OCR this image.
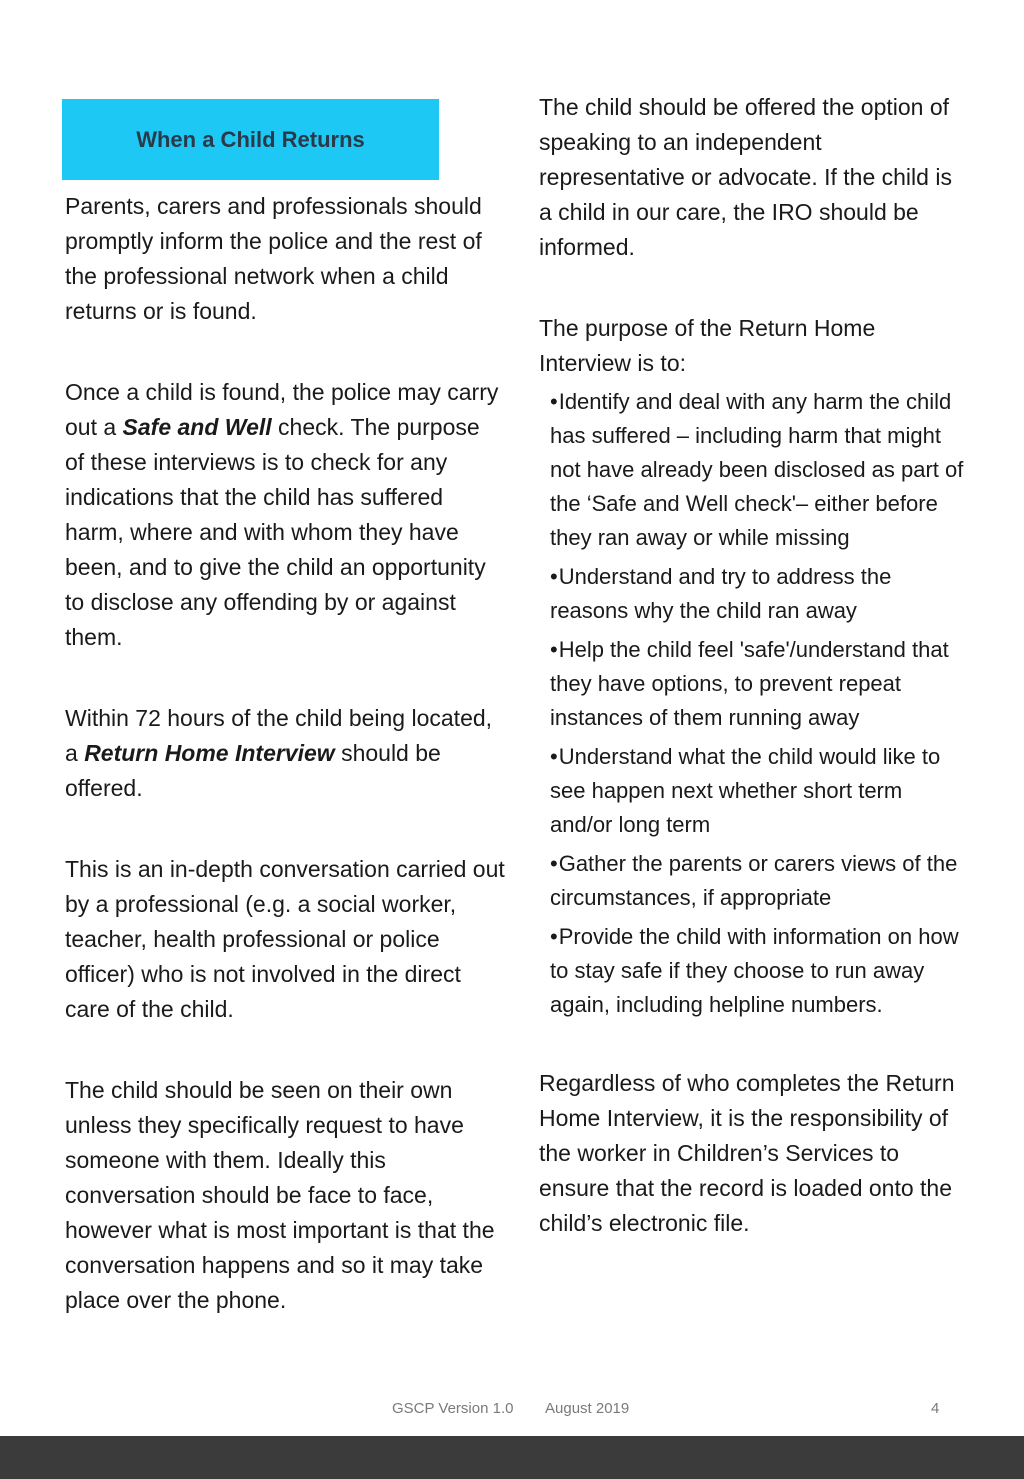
When a Child Returns

Parents, carers and professionals should promptly inform the police and the rest of the professional network when a child returns or is found.

Once a child is found, the police may carry out a Safe and Well check. The purpose of these interviews is to check for any indications that the child has suffered harm, where and with whom they have been, and to give the child an opportunity to disclose any offending by or against them.

Within 72 hours of the child being located, a Return Home Interview should be offered.

This is an in-depth conversation carried out by a professional (e.g. a social worker, teacher, health professional or police officer) who is not involved in the direct care of the child.

The child should be seen on their own unless they specifically request to have someone with them. Ideally this conversation should be face to face, however what is most important is that the conversation happens and so it may take place over the phone.

The child should be offered the option of speaking to an independent representative or advocate. If the child is a child in our care, the IRO should be informed.

The purpose of the Return Home Interview is to:

•Identify and deal with any harm the child has suffered – including harm that might not have already been disclosed as part of the ‘Safe and Well check'– either before they ran away or while missing
•Understand and try to address the reasons why the child ran away
•Help the child feel 'safe'/understand that they have options, to prevent repeat instances of them running away
•Understand what the child would like to see happen next whether short term and/or long term
•Gather the parents or carers views of the circumstances, if appropriate
•Provide the child with information on how to stay safe if they choose to run away again, including helpline numbers.

Regardless of who completes the Return Home Interview, it is the responsibility of the worker in Children’s Services to ensure that the record is loaded onto the child’s electronic file.

GSCP Version 1.0 August 2019	4
